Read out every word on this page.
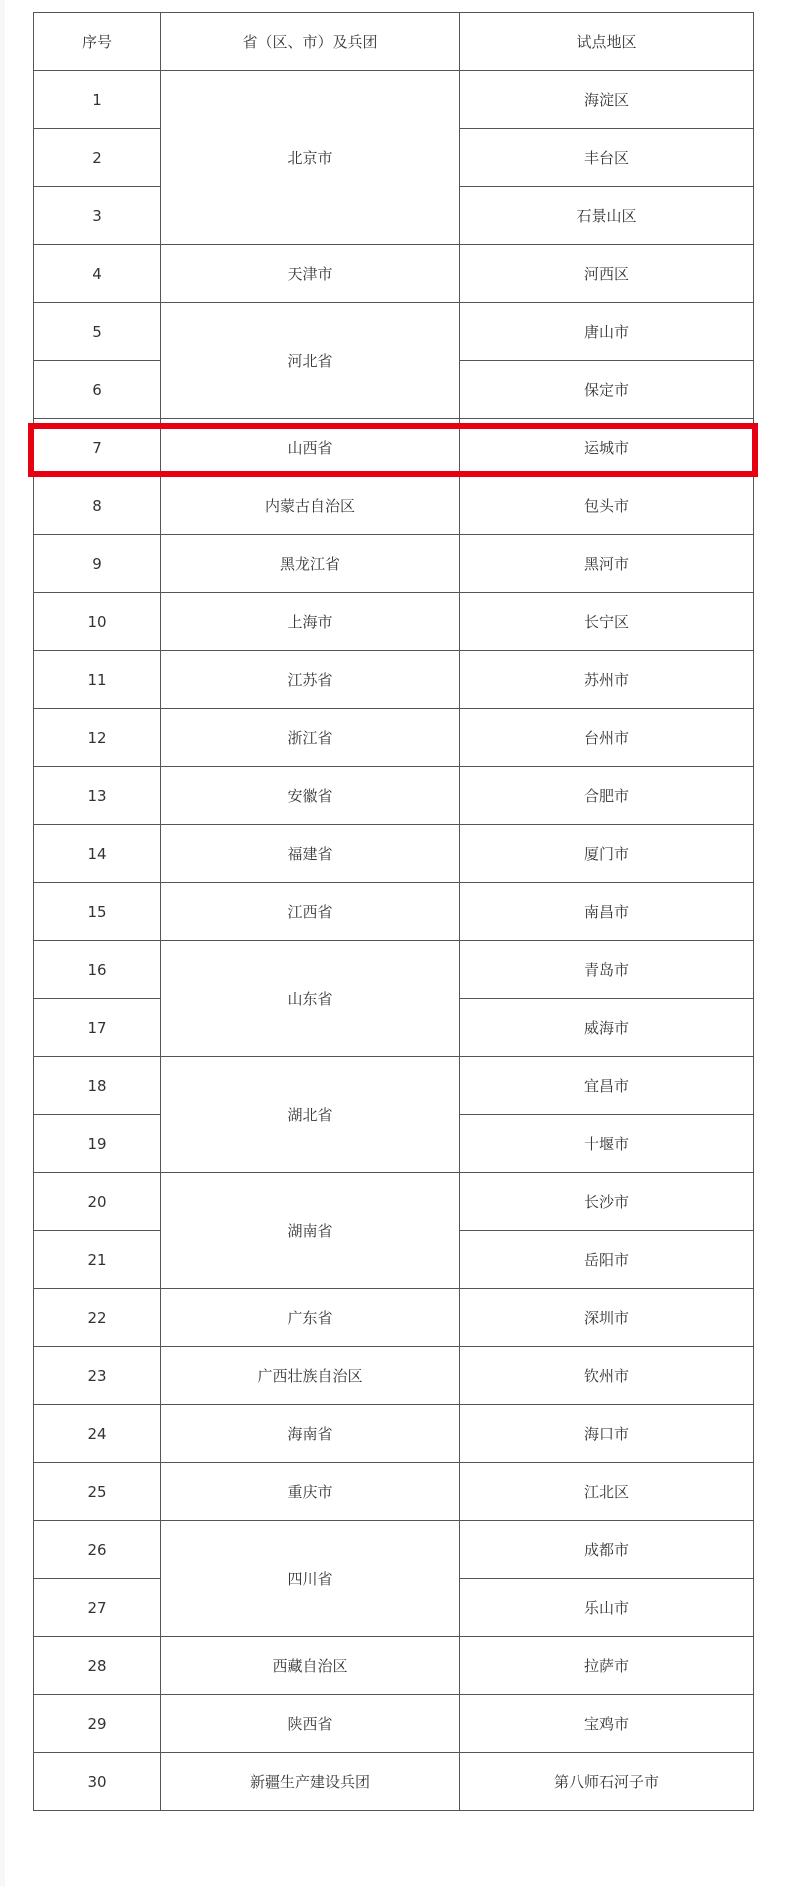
序号	省（区、市）及兵团	试点地区
1	北京市	海淀区
2		丰台区
3		石景山区
4	天津市	河西区
5	河北省	唐山市
6		保定市
7	山西省	运城市
8	内蒙古自治区	包头市
9	黑龙江省	黑河市
10	上海市	长宁区
11	江苏省	苏州市
12	浙江省	台州市
13	安徽省	合肥市
14	福建省	厦门市
15	江西省	南昌市
16	山东省	青岛市
17		威海市
18	湖北省	宜昌市
19		十堰市
20	湖南省	长沙市
21		岳阳市
22	广东省	深圳市
23	广西壮族自治区	钦州市
24	海南省	海口市
25	重庆市	江北区
26	四川省	成都市
27		乐山市
28	西藏自治区	拉萨市
29	陕西省	宝鸡市
30	新疆生产建设兵团	第八师石河子市
